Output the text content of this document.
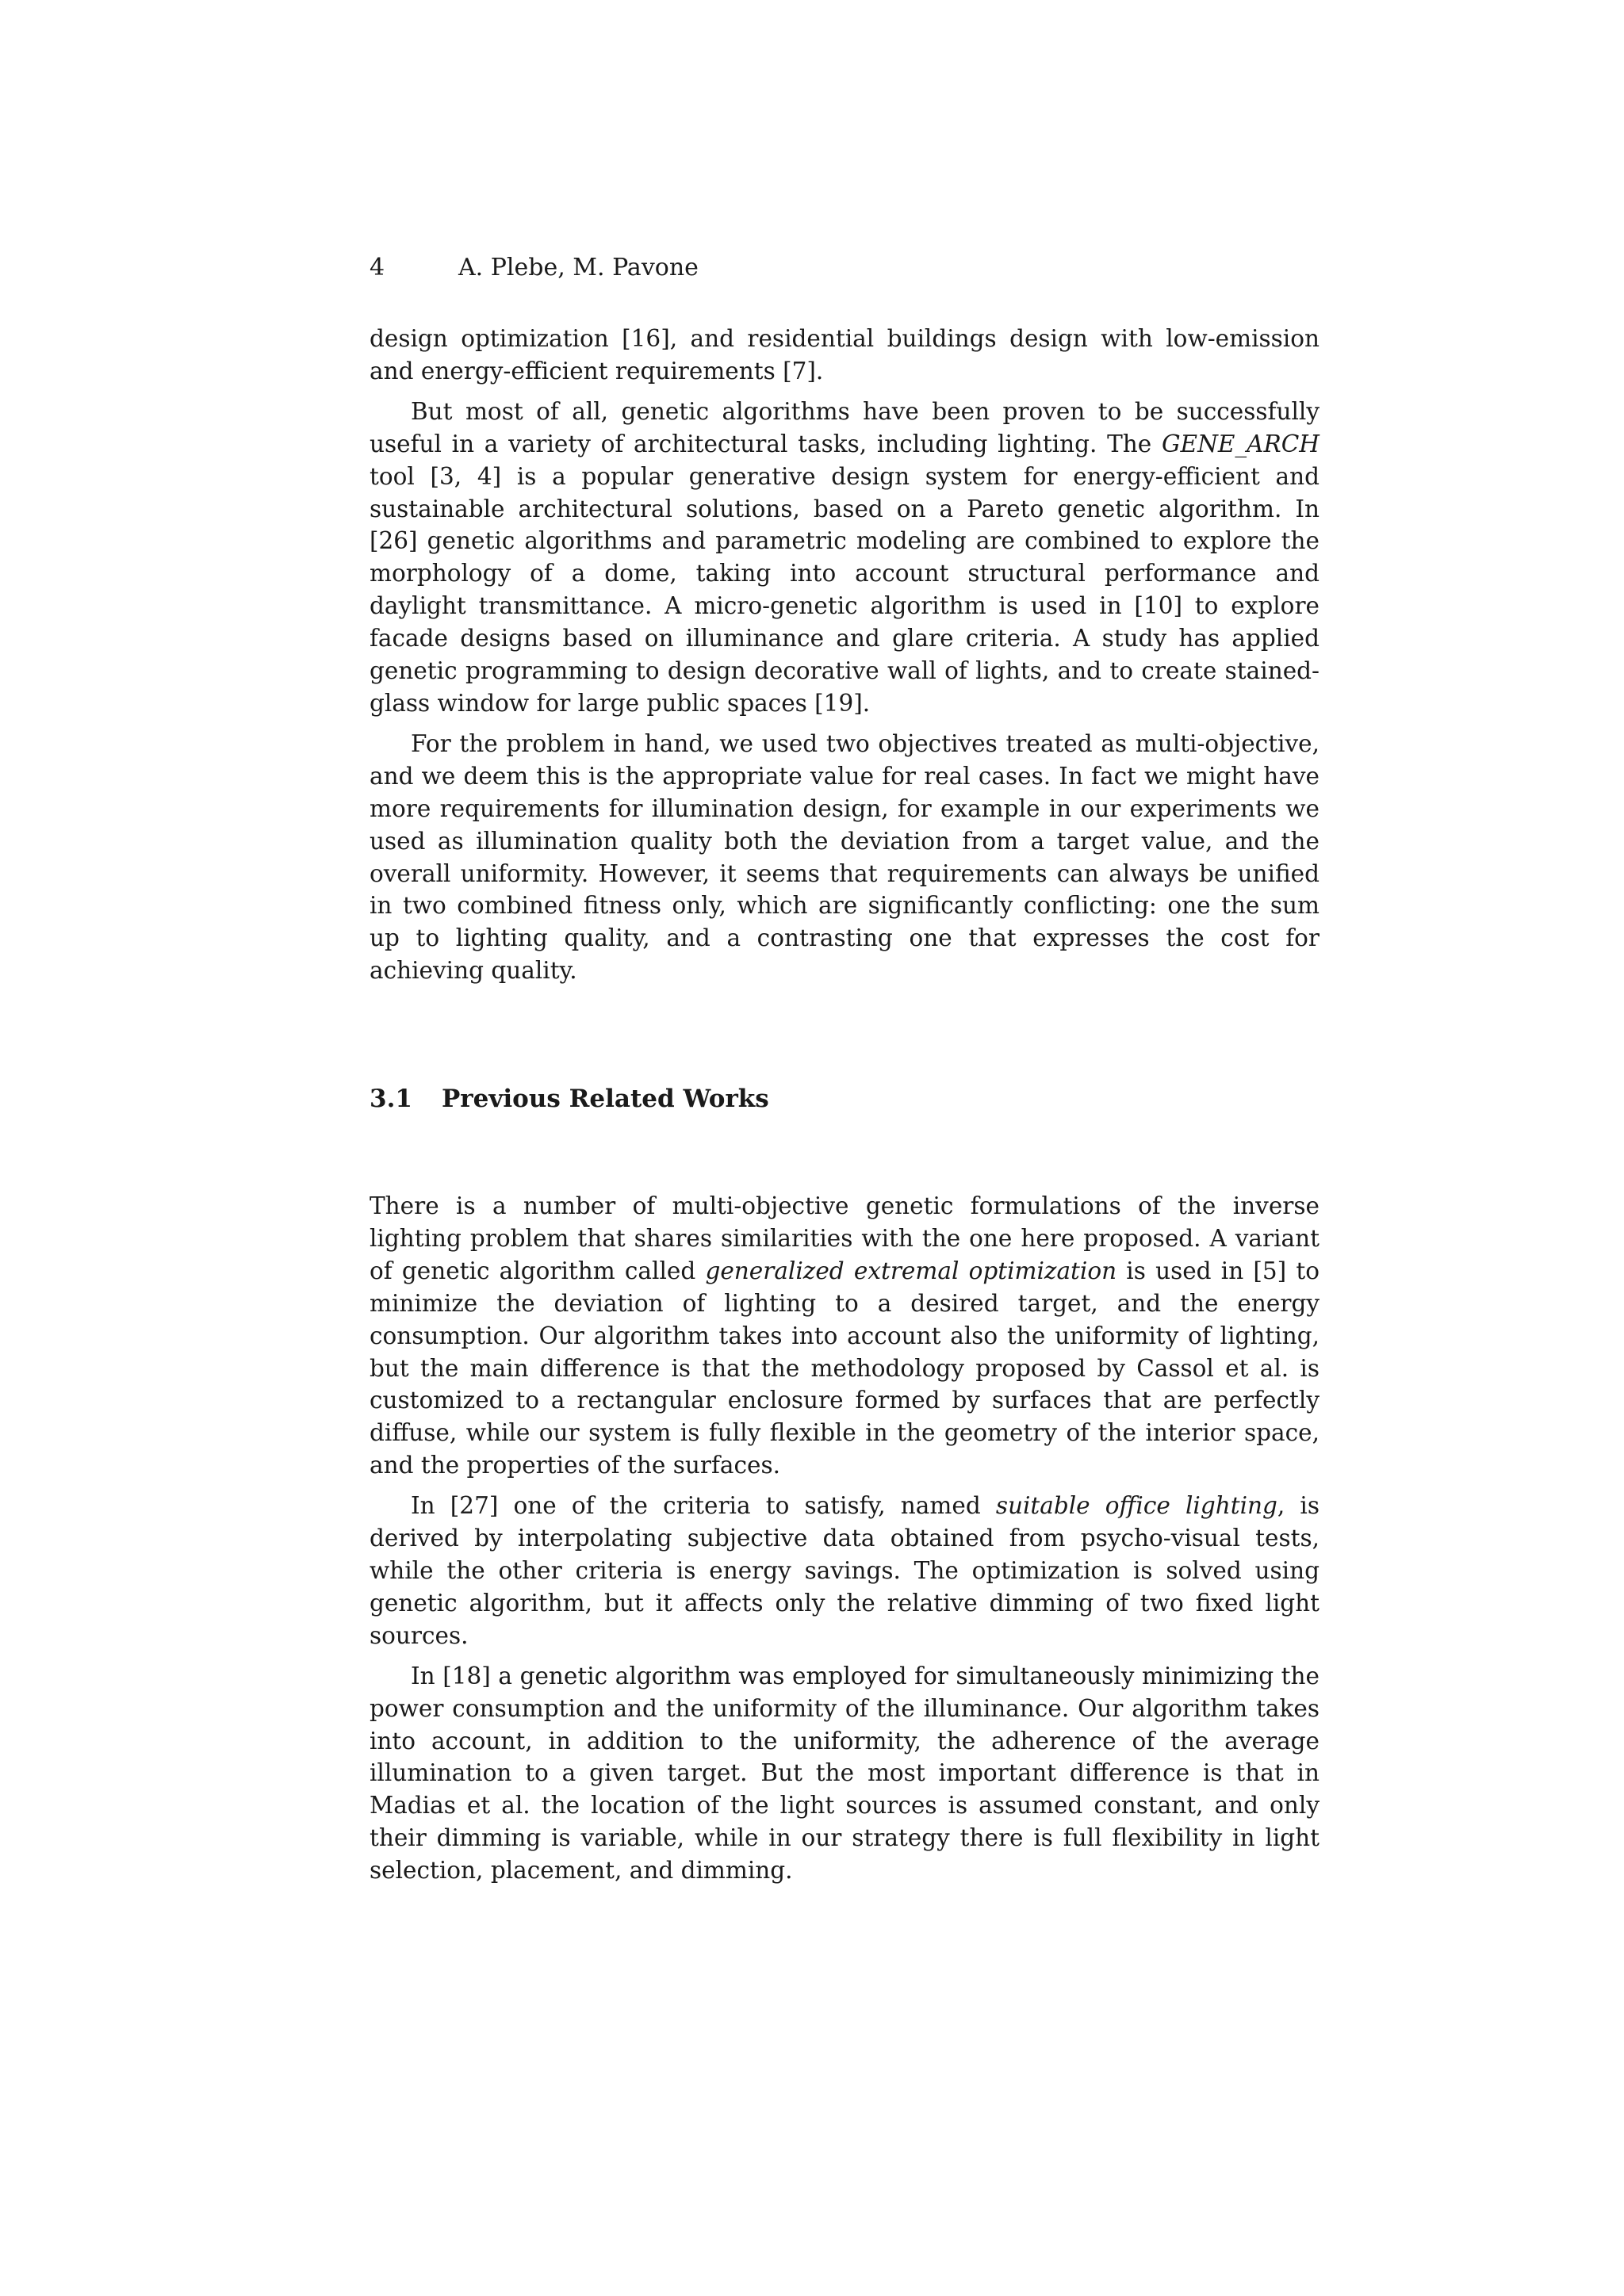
4	A. Plebe, M. Pavone

design optimization [16], and residential buildings design with low-emission and energy-efficient requirements [7].

But most of all, genetic algorithms have been proven to be successfully useful in a variety of architectural tasks, including lighting. The GENE_ARCH tool [3, 4] is a popular generative design system for energy-efficient and sustainable architectural solutions, based on a Pareto genetic algorithm. In [26] genetic algorithms and parametric modeling are combined to explore the morphology of a dome, taking into account structural performance and daylight transmittance. A micro-genetic algorithm is used in [10] to explore facade designs based on illuminance and glare criteria. A study has applied genetic programming to design decorative wall of lights, and to create stained-glass window for large public spaces [19].

For the problem in hand, we used two objectives treated as multi-objective, and we deem this is the appropriate value for real cases. In fact we might have more requirements for illumination design, for example in our experiments we used as illumination quality both the deviation from a target value, and the overall uniformity. However, it seems that requirements can always be unified in two combined fitness only, which are significantly conflicting: one the sum up to lighting quality, and a contrasting one that expresses the cost for achieving quality.

3.1 Previous Related Works

There is a number of multi-objective genetic formulations of the inverse lighting problem that shares similarities with the one here proposed. A variant of genetic algorithm called generalized extremal optimization is used in [5] to minimize the deviation of lighting to a desired target, and the energy consumption. Our algorithm takes into account also the uniformity of lighting, but the main difference is that the methodology proposed by Cassol et al. is customized to a rectangular enclosure formed by surfaces that are perfectly diffuse, while our system is fully flexible in the geometry of the interior space, and the properties of the surfaces.

In [27] one of the criteria to satisfy, named suitable office lighting, is derived by interpolating subjective data obtained from psycho-visual tests, while the other criteria is energy savings. The optimization is solved using genetic algorithm, but it affects only the relative dimming of two fixed light sources.

In [18] a genetic algorithm was employed for simultaneously minimizing the power consumption and the uniformity of the illuminance. Our algorithm takes into account, in addition to the uniformity, the adherence of the average illumination to a given target. But the most important difference is that in Madias et al. the location of the light sources is assumed constant, and only their dimming is variable, while in our strategy there is full flexibility in light selection, placement, and dimming.
